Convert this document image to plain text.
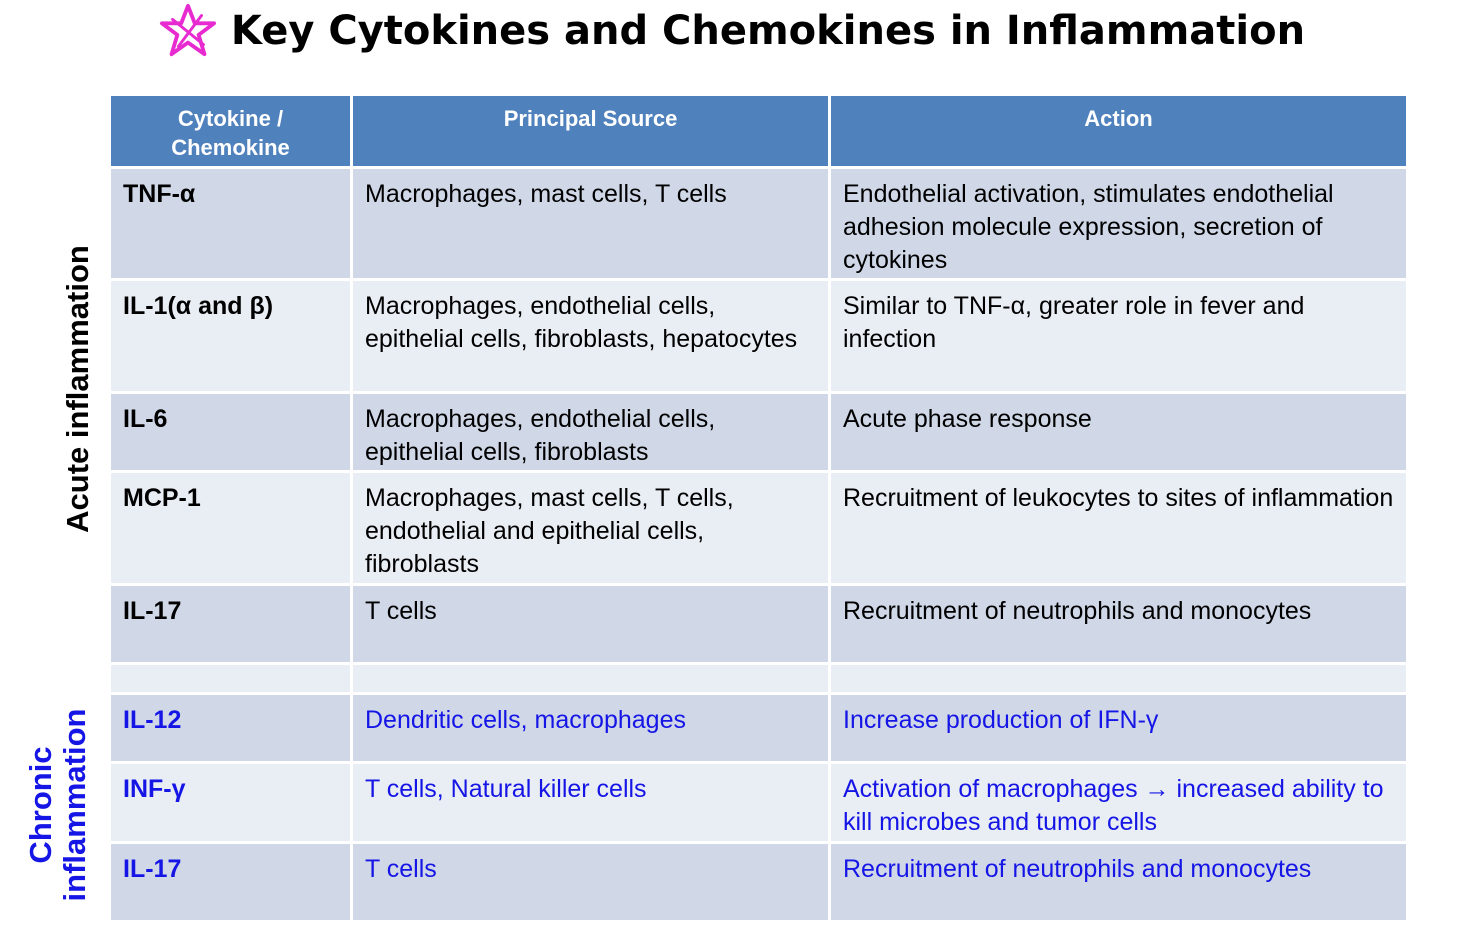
Key Cytokines and Chemokines in Inflammation
Acute inflammation
Chronic inflammation
Cytokine / Chemokine	Principal Source	Action
TNF-α	Macrophages, mast cells, T cells	Endothelial activation, stimulates endothelial adhesion molecule expression, secretion of cytokines
IL-1(α and β)	Macrophages, endothelial cells, epithelial cells, fibroblasts, hepatocytes	Similar to TNF-α, greater role in fever and infection
IL-6	Macrophages, endothelial cells, epithelial cells, fibroblasts	Acute phase response
MCP-1	Macrophages, mast cells, T cells, endothelial and epithelial cells, fibroblasts	Recruitment of leukocytes to sites of inflammation
IL-17	T cells	Recruitment of neutrophils and monocytes

IL-12	Dendritic cells, macrophages	Increase production of IFN-γ
INF-γ	T cells, Natural killer cells	Activation of macrophages → increased ability to kill microbes and tumor cells
IL-17	T cells	Recruitment of neutrophils and monocytes
